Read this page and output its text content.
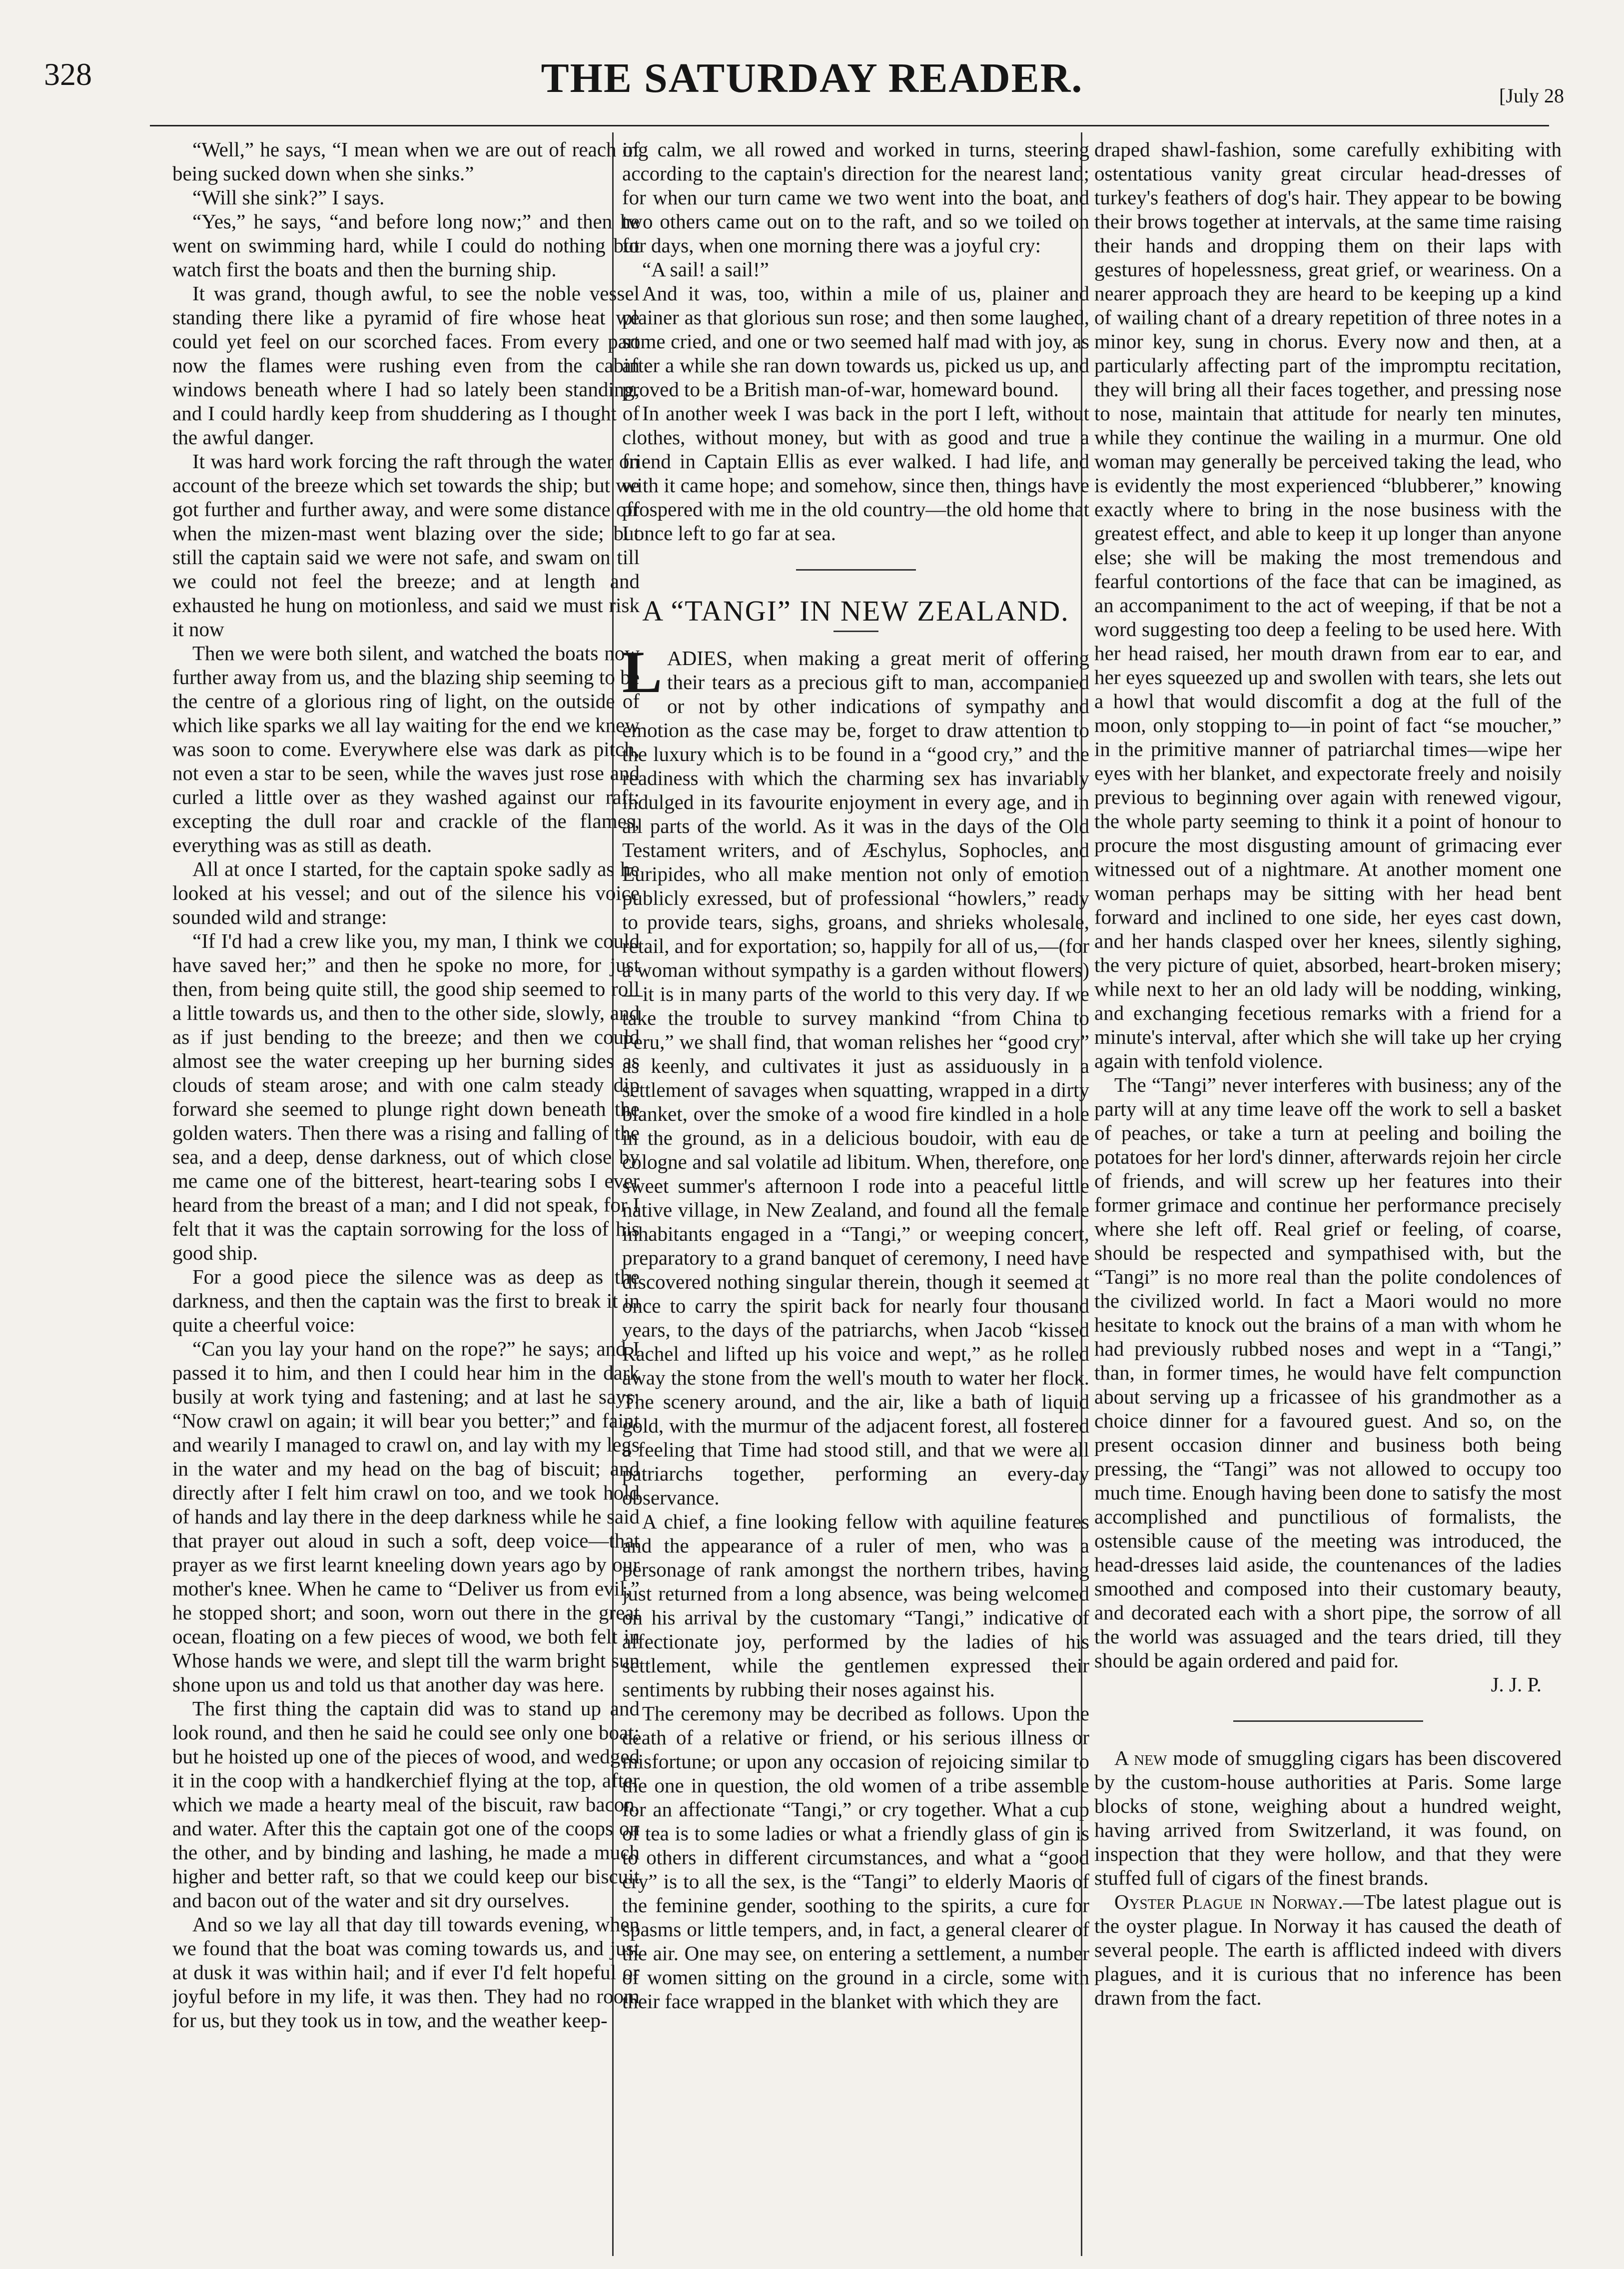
328	THE SATURDAY READER.	[July 28

“Well,” he says, “I mean when we are out of reach of being sucked down when she sinks.”

“Will she sink?” I says.

“Yes,” he says, “and before long now;” and then he went on swimming hard, while I could do nothing but watch first the boats and then the burning ship.

It was grand, though awful, to see the noble vessel standing there like a pyramid of fire whose heat we could yet feel on our scorched faces. From every part now the flames were rushing even from the cabin windows beneath where I had so lately been standing, and I could hardly keep from shuddering as I thought of the awful danger.

It was hard work forcing the raft through the water on account of the breeze which set towards the ship; but we got further and further away, and were some distance off when the mizen-mast went blazing over the side; but still the captain said we were not safe, and swam on till we could not feel the breeze; and at length and exhausted he hung on motionless, and said we must risk it now

Then we were both silent, and watched the boats now further away from us, and the blazing ship seeming to be the centre of a glorious ring of light, on the outside of which like sparks we all lay waiting for the end we knew was soon to come. Everywhere else was dark as pitch, not even a star to be seen, while the waves just rose and curled a little over as they washed against our raft: excepting the dull roar and crackle of the flames, everything was as still as death.

All at once I started, for the captain spoke sadly as he looked at his vessel; and out of the silence his voice sounded wild and strange:

“If I'd had a crew like you, my man, I think we could have saved her;” and then he spoke no more, for just then, from being quite still, the good ship seemed to roll a little towards us, and then to the other side, slowly, and as if just bending to the breeze; and then we could almost see the water creeping up her burning sides as clouds of steam arose; and with one calm steady dip forward she seemed to plunge right down beneath the golden waters. Then there was a rising and falling of the sea, and a deep, dense darkness, out of which close by me came one of the bitterest, heart-tearing sobs I ever heard from the breast of a man; and I did not speak, for I felt that it was the captain sorrowing for the loss of his good ship.

For a good piece the silence was as deep as the darkness, and then the captain was the first to break it in quite a cheerful voice:

“Can you lay your hand on the rope?” he says; and I passed it to him, and then I could hear him in the dark busily at work tying and fastening; and at last he says: “Now crawl on again; it will bear you better;” and faint and wearily I managed to crawl on, and lay with my legs in the water and my head on the bag of biscuit; and directly after I felt him crawl on too, and we took hold of hands and lay there in the deep darkness while he said that prayer out aloud in such a soft, deep voice—that prayer as we first learnt kneeling down years ago by our mother's knee. When he came to “Deliver us from evil,” he stopped short; and soon, worn out there in the great ocean, floating on a few pieces of wood, we both felt in Whose hands we were, and slept till the warm bright sun shone upon us and told us that another day was here.

The first thing the captain did was to stand up and look round, and then he said he could see only one boat; but he hoisted up one of the pieces of wood, and wedged it in the coop with a handkerchief flying at the top, after which we made a hearty meal of the biscuit, raw bacon, and water. After this the captain got one of the coops on the other, and by binding and lashing, he made a much higher and better raft, so that we could keep our biscuit and bacon out of the water and sit dry ourselves.

And so we lay all that day till towards evening, when we found that the boat was coming towards us, and just at dusk it was within hail; and if ever I'd felt hopeful or joyful before in my life, it was then. They had no room for us, but they took us in tow, and the weather keep-

ing calm, we all rowed and worked in turns, steering according to the captain's direction for the nearest land; for when our turn came we two went into the boat, and two others came out on to the raft, and so we toiled on for days, when one morning there was a joyful cry:

“A sail! a sail!”

And it was, too, within a mile of us, plainer and plainer as that glorious sun rose; and then some laughed, some cried, and one or two seemed half mad with joy, as after a while she ran down towards us, picked us up, and proved to be a British man-of-war, homeward bound.

In another week I was back in the port I left, without clothes, without money, but with as good and true a friend in Captain Ellis as ever walked. I had life, and with it came hope; and somehow, since then, things have prospered with me in the old country—the old home that I once left to go far at sea.

A “TANGI” IN NEW ZEALAND.

LADIES, when making a great merit of offering their tears as a precious gift to man, accompanied or not by other indications of sympathy and emotion as the case may be, forget to draw attention to the luxury which is to be found in a “good cry,” and the readiness with which the charming sex has invariably indulged in its favourite enjoyment in every age, and in all parts of the world. As it was in the days of the Old Testament writers, and of Æschylus, Sophocles, and Euripides, who all make mention not only of emotion publicly exressed, but of professional “howlers,” ready to provide tears, sighs, groans, and shrieks wholesale, retail, and for exportation; so, happily for all of us,—(for a woman without sympathy is a garden without flowers)—it is in many parts of the world to this very day. If we take the trouble to survey mankind “from China to Peru,” we shall find, that woman relishes her “good cry” as keenly, and cultivates it just as assiduously in a settlement of savages when squatting, wrapped in a dirty blanket, over the smoke of a wood fire kindled in a hole in the ground, as in a delicious boudoir, with eau de cologne and sal volatile ad libitum. When, therefore, one sweet summer's afternoon I rode into a peaceful little native village, in New Zealand, and found all the female inhabitants engaged in a “Tangi,” or weeping concert, preparatory to a grand banquet of ceremony, I need have discovered nothing singular therein, though it seemed at once to carry the spirit back for nearly four thousand years, to the days of the patriarchs, when Jacob “kissed Rachel and lifted up his voice and wept,” as he rolled away the stone from the well's mouth to water her flock. The scenery around, and the air, like a bath of liquid gold, with the murmur of the adjacent forest, all fostered a feeling that Time had stood still, and that we were all patriarchs together, performing an every-day observance.

A chief, a fine looking fellow with aquiline features and the appearance of a ruler of men, who was a personage of rank amongst the northern tribes, having just returned from a long absence, was being welcomed on his arrival by the customary “Tangi,” indicative of affectionate joy, performed by the ladies of his settlement, while the gentlemen expressed their sentiments by rubbing their noses against his.

The ceremony may be decribed as follows. Upon the death of a relative or friend, or his serious illness or misfortune; or upon any occasion of rejoicing similar to the one in question, the old women of a tribe assemble for an affectionate “Tangi,” or cry together. What a cup of tea is to some ladies or what a friendly glass of gin is to others in different circumstances, and what a “good cry” is to all the sex, is the “Tangi” to elderly Maoris of the feminine gender, soothing to the spirits, a cure for spasms or little tempers, and, in fact, a general clearer of the air. One may see, on entering a settlement, a number of women sitting on the ground in a circle, some with their face wrapped in the blanket with which they are

draped shawl-fashion, some carefully exhibiting with ostentatious vanity great circular head-dresses of turkey's feathers of dog's hair. They appear to be bowing their brows together at intervals, at the same time raising their hands and dropping them on their laps with gestures of hopelessness, great grief, or weariness. On a nearer approach they are heard to be keeping up a kind of wailing chant of a dreary repetition of three notes in a minor key, sung in chorus. Every now and then, at a particularly affecting part of the impromptu recitation, they will bring all their faces together, and pressing nose to nose, maintain that attitude for nearly ten minutes, while they continue the wailing in a murmur. One old woman may generally be perceived taking the lead, who is evidently the most experienced “blubberer,” knowing exactly where to bring in the nose business with the greatest effect, and able to keep it up longer than anyone else; she will be making the most tremendous and fearful contortions of the face that can be imagined, as an accompaniment to the act of weeping, if that be not a word suggesting too deep a feeling to be used here. With her head raised, her mouth drawn from ear to ear, and her eyes squeezed up and swollen with tears, she lets out a howl that would discomfit a dog at the full of the moon, only stopping to—in point of fact “se moucher,” in the primitive manner of patriarchal times—wipe her eyes with her blanket, and expectorate freely and noisily previous to beginning over again with renewed vigour, the whole party seeming to think it a point of honour to procure the most disgusting amount of grimacing ever witnessed out of a nightmare. At another moment one woman perhaps may be sitting with her head bent forward and inclined to one side, her eyes cast down, and her hands clasped over her knees, silently sighing, the very picture of quiet, absorbed, heart-broken misery; while next to her an old lady will be nodding, winking, and exchanging fecetious remarks with a friend for a minute's interval, after which she will take up her crying again with tenfold violence.

The “Tangi” never interferes with business; any of the party will at any time leave off the work to sell a basket of peaches, or take a turn at peeling and boiling the potatoes for her lord's dinner, afterwards rejoin her circle of friends, and will screw up her features into their former grimace and continue her performance precisely where she left off. Real grief or feeling, of coarse, should be respected and sympathised with, but the “Tangi” is no more real than the polite condolences of the civilized world. In fact a Maori would no more hesitate to knock out the brains of a man with whom he had previously rubbed noses and wept in a “Tangi,” than, in former times, he would have felt compunction about serving up a fricassee of his grandmother as a choice dinner for a favoured guest. And so, on the present occasion dinner and business both being pressing, the “Tangi” was not allowed to occupy too much time. Enough having been done to satisfy the most accomplished and punctilious of formalists, the ostensible cause of the meeting was introduced, the head-dresses laid aside, the countenances of the ladies smoothed and composed into their customary beauty, and decorated each with a short pipe, the sorrow of all the world was assuaged and the tears dried, till they should be again ordered and paid for.

J. J. P.

A new mode of smuggling cigars has been discovered by the custom-house authorities at Paris. Some large blocks of stone, weighing about a hundred weight, having arrived from Switzerland, it was found, on inspection that they were hollow, and that they were stuffed full of cigars of the finest brands.

Oyster Plague in Norway.—Tbe latest plague out is the oyster plague. In Norway it has caused the death of several people. The earth is afflicted indeed with divers plagues, and it is curious that no inference has been drawn from the fact.
